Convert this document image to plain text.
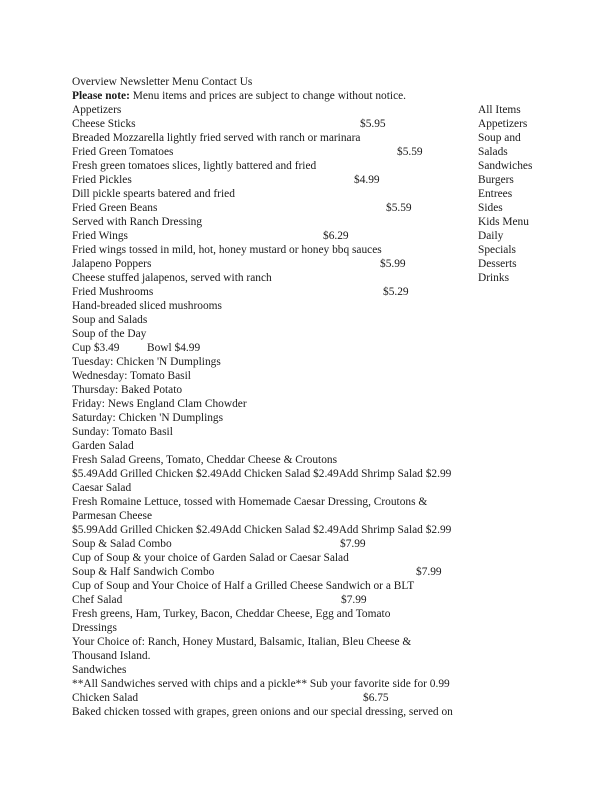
Overview Newsletter Menu Contact Us
Please note: Menu items and prices are subject to change without notice.
All Items
Appetizers
Soup and
Salads
Sandwiches
Burgers
Entrees
Sides
Kids Menu
Daily
Specials
Desserts
Drinks
Appetizers
Cheese Sticks	$5.95
Breaded Mozzarella lightly fried served with ranch or marinara
Fried Green Tomatoes	$5.59
Fresh green tomatoes slices, lightly battered and fried
Fried Pickles	$4.99
Dill pickle spearts batered and fried
Fried Green Beans	$5.59
Served with Ranch Dressing
Fried Wings	$6.29
Fried wings tossed in mild, hot, honey mustard or honey bbq sauces
Jalapeno Poppers	$5.99
Cheese stuffed jalapenos, served with ranch
Fried Mushrooms	$5.29
Hand-breaded sliced mushrooms
Soup and Salads
Soup of the Day
Cup $3.49 Bowl $4.99
Tuesday: Chicken 'N Dumplings
Wednesday: Tomato Basil
Thursday: Baked Potato
Friday: News England Clam Chowder
Saturday: Chicken 'N Dumplings
Sunday: Tomato Basil
Garden Salad
Fresh Salad Greens, Tomato, Cheddar Cheese & Croutons
$5.49Add Grilled Chicken $2.49Add Chicken Salad $2.49Add Shrimp Salad $2.99
Caesar Salad
Fresh Romaine Lettuce, tossed with Homemade Caesar Dressing, Croutons &
Parmesan Cheese
$5.99Add Grilled Chicken $2.49Add Chicken Salad $2.49Add Shrimp Salad $2.99
Soup & Salad Combo	$7.99
Cup of Soup & your choice of Garden Salad or Caesar Salad
Soup & Half Sandwich Combo	$7.99
Cup of Soup and Your Choice of Half a Grilled Cheese Sandwich or a BLT
Chef Salad	$7.99
Fresh greens, Ham, Turkey, Bacon, Cheddar Cheese, Egg and Tomato
Dressings
Your Choice of: Ranch, Honey Mustard, Balsamic, Italian, Bleu Cheese &
Thousand Island.
Sandwiches
**All Sandwiches served with chips and a pickle** Sub your favorite side for 0.99
Chicken Salad	$6.75
Baked chicken tossed with grapes, green onions and our special dressing, served on
